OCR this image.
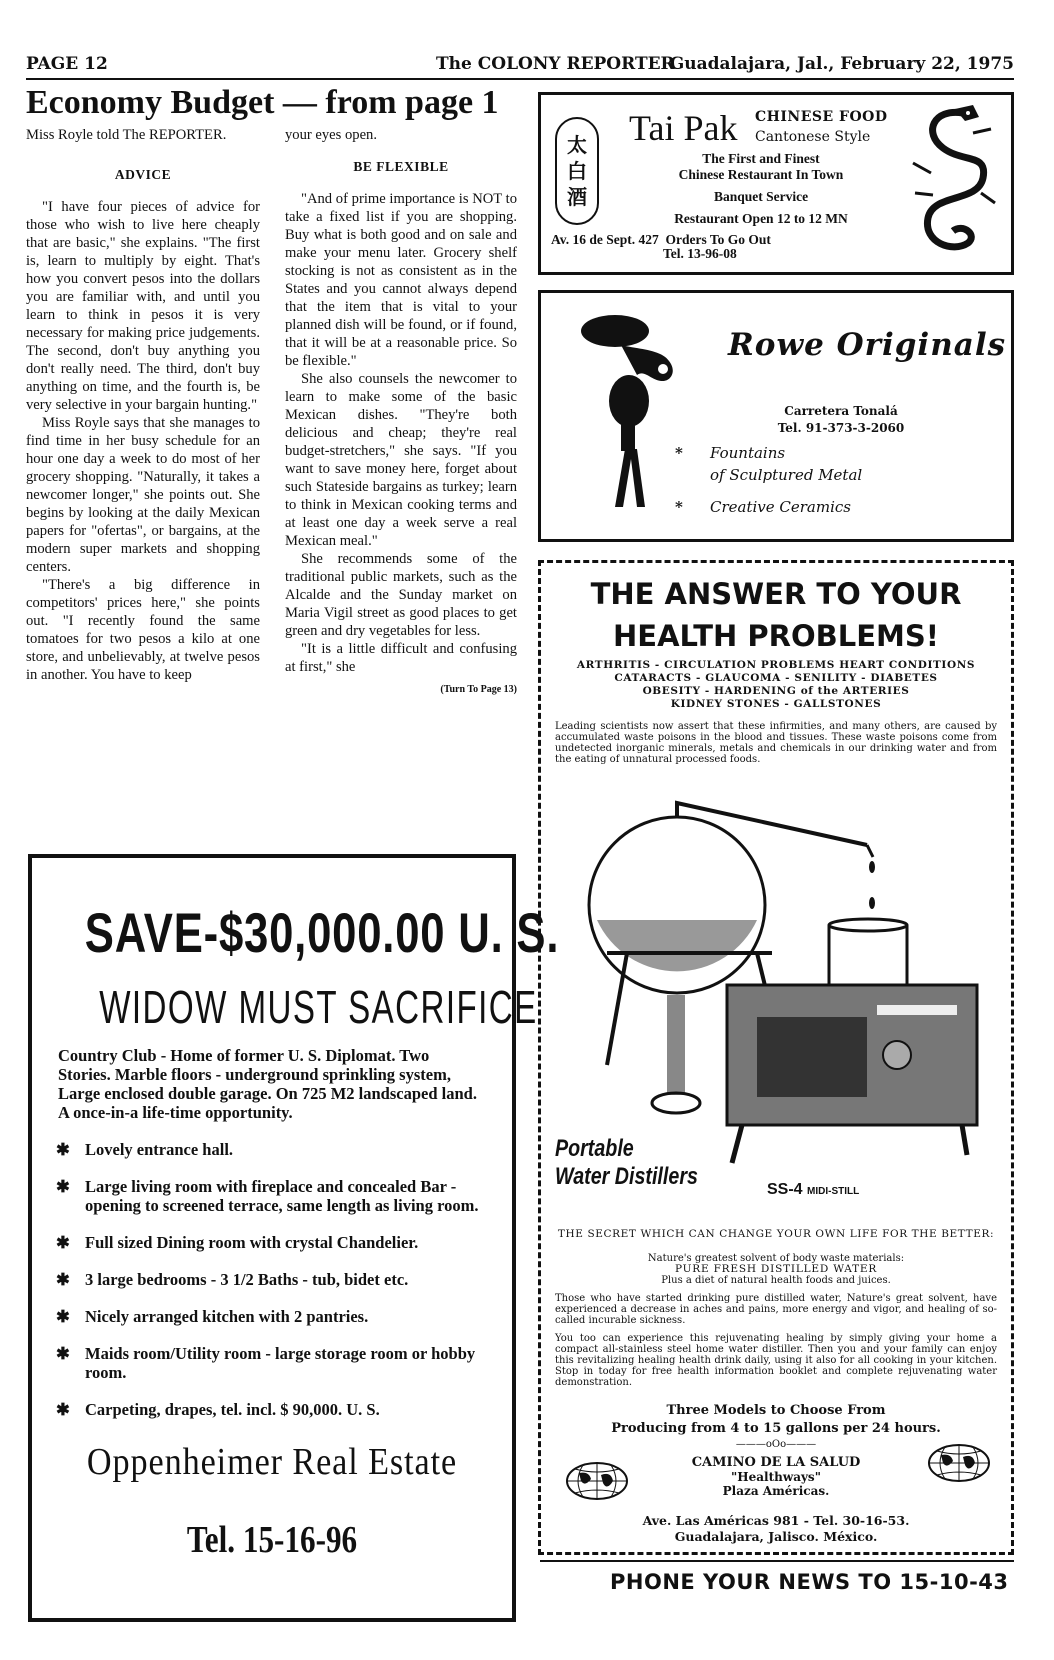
PAGE 12	The COLONY REPORTER
Guadalajara, Jal., February 22, 1975
Economy Budget — from page 1

Miss Royle told The REPORTER.

ADVICE

"I have four pieces of advice for those who wish to live here cheaply that are basic," she explains. "The first is, learn to multiply by eight. That's how you convert pesos into the dollars you are familiar with, and until you learn to think in pesos it is very necessary for making price judgements. The second, don't buy anything you don't really need. The third, don't buy anything on time, and the fourth is, be very selective in your bargain hunting."

Miss Royle says that she manages to find time in her busy schedule for an hour one day a week to do most of her grocery shopping. "Naturally, it takes a newcomer longer," she points out. She begins by looking at the daily Mexican papers for "ofertas", or bargains, at the modern super markets and shopping centers.

"There's a big difference in competitors' prices here," she points out. "I recently found the same tomatoes for two pesos a kilo at one store, and unbelievably, at twelve pesos in another. You have to keep

your eyes open.

BE FLEXIBLE

"And of prime importance is NOT to take a fixed list if you are shopping. Buy what is both good and on sale and make your menu later. Grocery shelf stocking is not as consistent as in the States and you cannot always depend that the item that is vital to your planned dish will be found, or if found, that it will be at a reasonable price. So be flexible."

She also counsels the newcomer to learn to make some of the basic Mexican dishes. "They're both delicious and cheap; they're real budget-stretchers," she says. "If you want to save money here, forget about such Stateside bargains as turkey; learn to think in Mexican cooking terms and at least one day a week serve a real Mexican meal."

She recommends some of the traditional public markets, such as the Alcalde and the Sunday market on Maria Vigil street as good places to get green and dry vegetables for less.

"It is a little difficult and confusing at first," she

(Turn To Page 13)

SAVE-$30,000.00 U. S.
WIDOW MUST SACRIFICE
Country Club - Home of former U. S. Diplomat. Two Stories. Marble floors - underground sprinkling system, Large enclosed double garage. On 725 M2 landscaped land. A once-in-a life-time opportunity.
✱ Lovely entrance hall.
✱ Large living room with fireplace and concealed Bar - opening to screened terrace, same length as living room.
✱ Full sized Dining room with crystal Chandelier.
✱ 3 large bedrooms - 3 1/2 Baths - tub, bidet etc.
✱ Nicely arranged kitchen with 2 pantries.
✱ Maids room/Utility room - large storage room or hobby room.
✱ Carpeting, drapes, tel. incl. $ 90,000. U. S.
Oppenheimer Real Estate
Tel. 15-16-96
太
白
酒
Tai Pak CHINESE FOOD
Cantonese Style
The First and Finest
Chinese Restaurant In Town
Banquet Service
Restaurant Open 12 to 12 MN
Av. 16 de Sept. 427 Orders To Go Out
Tel. 13-96-08
Rowe Originals
Carretera Tonalá
Tel. 91-373-3-2060
* Fountains
of Sculptured Metal
* Creative Ceramics
THE ANSWER TO YOUR
HEALTH PROBLEMS!
ARTHRITIS - CIRCULATION PROBLEMS HEART CONDITIONS
CATARACTS - GLAUCOMA - SENILITY - DIABETES
OBESITY - HARDENING of the ARTERIES
KIDNEY STONES - GALLSTONES
Leading scientists now assert that these infirmities, and many others, are caused by accumulated waste poisons in the blood and tissues. These waste poisons come from undetected inorganic minerals, metals and chemicals in our drinking water and from the eating of unnatural processed foods.
Portable
Water Distillers	SS-4 MIDI-STILL
THE SECRET WHICH CAN CHANGE YOUR OWN LIFE FOR THE BETTER:
Nature's greatest solvent of body waste materials:
PURE FRESH DISTILLED WATER
Plus a diet of natural health foods and juices.
Those who have started drinking pure distilled water, Nature's great solvent, have experienced a decrease in aches and pains, more energy and vigor, and healing of so-called incurable sickness.
You too can experience this rejuvenating healing by simply giving your home a compact all-stainless steel home water distiller. Then you and your family can enjoy this revitalizing healing health drink daily, using it also for all cooking in your kitchen. Stop in today for free health information booklet and complete rejuvenating water demonstration.
Three Models to Choose From
Producing from 4 to 15 gallons per 24 hours.
———oOo———
CAMINO DE LA SALUD
"Healthways"
Plaza Américas.
Ave. Las Américas 981 - Tel. 30-16-53.
Guadalajara, Jalisco. México.
PHONE YOUR NEWS TO 15-10-43
